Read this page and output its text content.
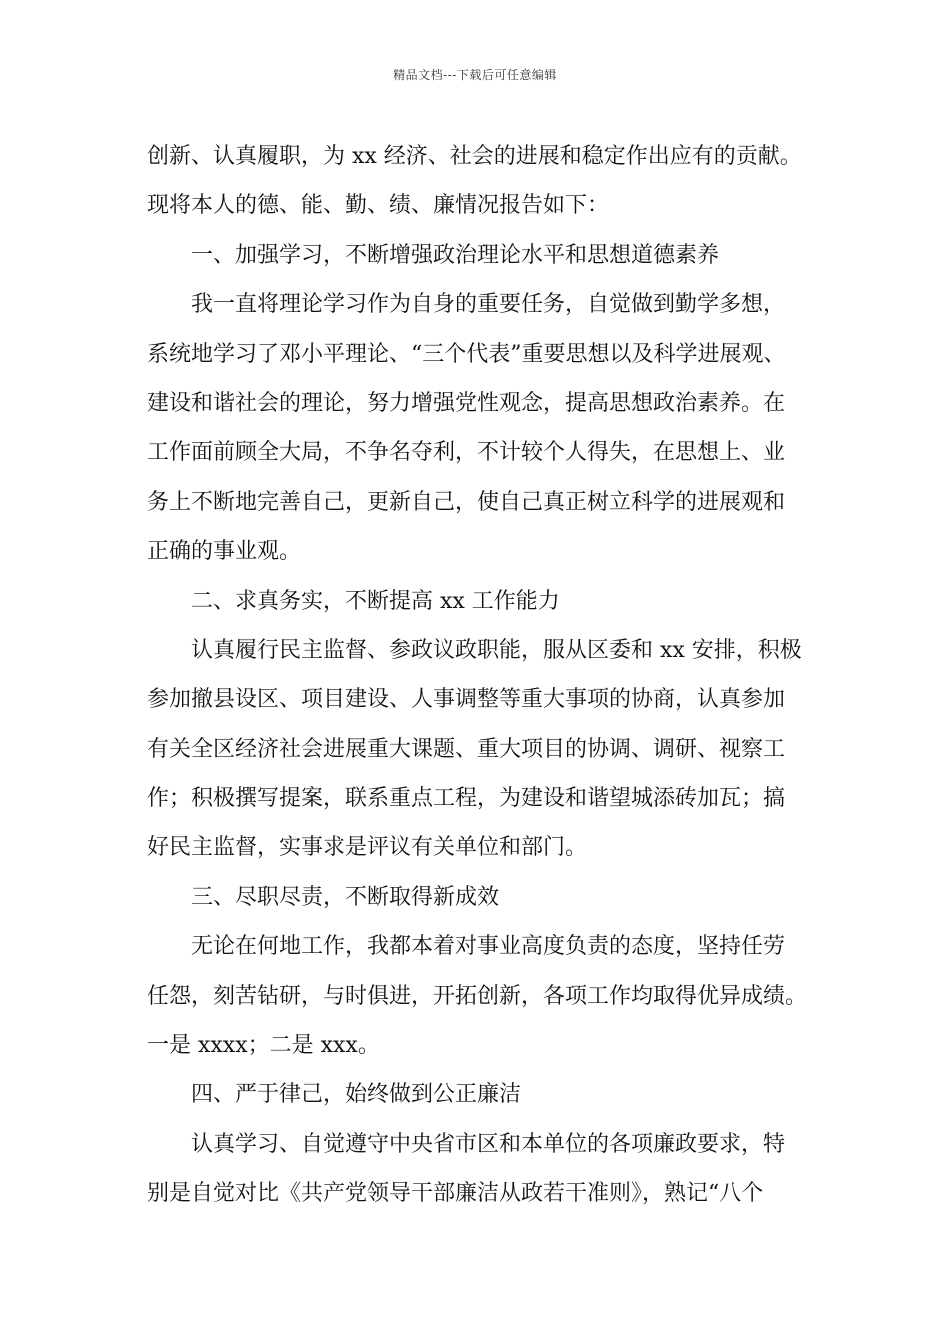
精品文档---下载后可任意编辑
创新、认真履职，为 xx 经济、社会的进展和稳定作出应有的贡献。
现将本人的德、能、勤、绩、廉情况报告如下：
一、加强学习，不断增强政治理论水平和思想道德素养
我一直将理论学习作为自身的重要任务，自觉做到勤学多想，
系统地学习了邓小平理论、“三个代表”重要思想以及科学进展观、
建设和谐社会的理论，努力增强党性观念，提高思想政治素养。在
工作面前顾全大局，不争名夺利，不计较个人得失，在思想上、业
务上不断地完善自己，更新自己，使自己真正树立科学的进展观和
正确的事业观。
二、求真务实，不断提高 xx 工作能力
认真履行民主监督、参政议政职能，服从区委和 xx 安排，积极
参加撤县设区、项目建设、人事调整等重大事项的协商，认真参加
有关全区经济社会进展重大课题、重大项目的协调、调研、视察工
作；积极撰写提案，联系重点工程，为建设和谐望城添砖加瓦；搞
好民主监督，实事求是评议有关单位和部门。
三、尽职尽责，不断取得新成效
无论在何地工作，我都本着对事业高度负责的态度，坚持任劳
任怨，刻苦钻研，与时俱进，开拓创新，各项工作均取得优异成绩。
一是 xxxx；二是 xxx。
四、严于律己，始终做到公正廉洁
认真学习、自觉遵守中央省市区和本单位的各项廉政要求，特
别是自觉对比《共产党领导干部廉洁从政若干准则》，熟记“八个
